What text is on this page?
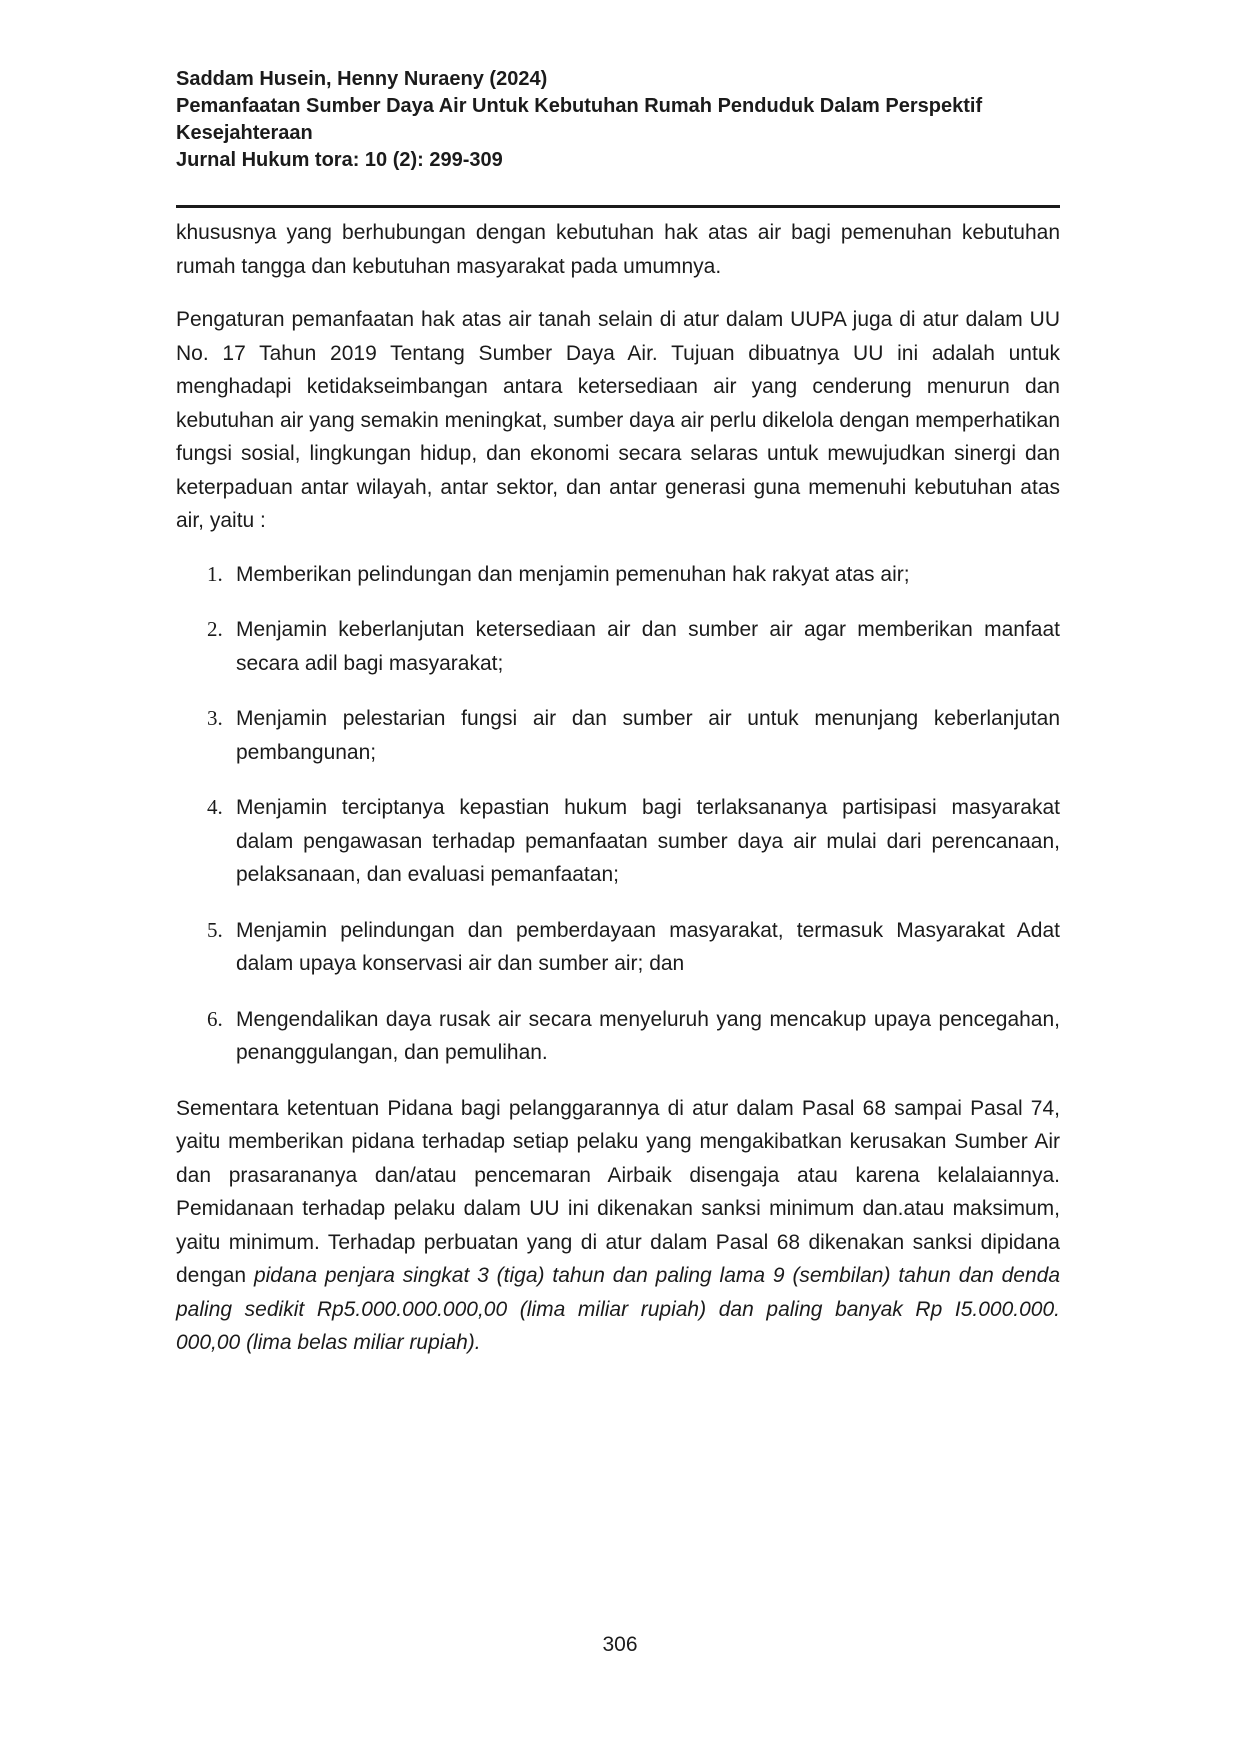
Saddam Husein, Henny Nuraeny (2024)
Pemanfaatan Sumber Daya Air Untuk Kebutuhan Rumah Penduduk Dalam Perspektif Kesejahteraan
Jurnal Hukum tora: 10 (2): 299-309

khususnya yang berhubungan dengan kebutuhan hak atas air bagi pemenuhan kebutuhan rumah tangga dan kebutuhan masyarakat pada umumnya.

Pengaturan pemanfaatan hak atas air tanah selain di atur dalam UUPA juga di atur dalam UU No. 17 Tahun 2019 Tentang Sumber Daya Air. Tujuan dibuatnya UU ini adalah untuk menghadapi ketidakseimbangan antara ketersediaan air yang cenderung menurun dan kebutuhan air yang semakin meningkat, sumber daya air perlu dikelola dengan memperhatikan fungsi sosial, lingkungan hidup, dan ekonomi secara selaras untuk mewujudkan sinergi dan keterpaduan antar wilayah, antar sektor, dan antar generasi guna memenuhi kebutuhan atas air, yaitu :

1. Memberikan pelindungan dan menjamin pemenuhan hak rakyat atas air;
2. Menjamin keberlanjutan ketersediaan air dan sumber air agar memberikan manfaat secara adil bagi masyarakat;
3. Menjamin pelestarian fungsi air dan sumber air untuk menunjang keberlanjutan pembangunan;
4. Menjamin terciptanya kepastian hukum bagi terlaksananya partisipasi masyarakat dalam pengawasan terhadap pemanfaatan sumber daya air mulai dari perencanaan, pelaksanaan, dan evaluasi pemanfaatan;
5. Menjamin pelindungan dan pemberdayaan masyarakat, termasuk Masyarakat Adat dalam upaya konservasi air dan sumber air; dan
6. Mengendalikan daya rusak air secara menyeluruh yang mencakup upaya pencegahan, penanggulangan, dan pemulihan.

Sementara ketentuan Pidana bagi pelanggarannya di atur dalam Pasal 68 sampai Pasal 74, yaitu memberikan pidana terhadap setiap pelaku yang mengakibatkan kerusakan Sumber Air dan prasarananya dan/atau pencemaran Airbaik disengaja atau karena kelalaiannya. Pemidanaan terhadap pelaku dalam UU ini dikenakan sanksi minimum dan.atau maksimum, yaitu minimum. Terhadap perbuatan yang di atur dalam Pasal 68 dikenakan sanksi dipidana dengan pidana penjara singkat 3 (tiga) tahun dan paling lama 9 (sembilan) tahun dan denda paling sedikit Rp5.000.000.000,00 (lima miliar rupiah) dan paling banyak Rp I5.000.000. 000,00 (lima belas miliar rupiah).

306
